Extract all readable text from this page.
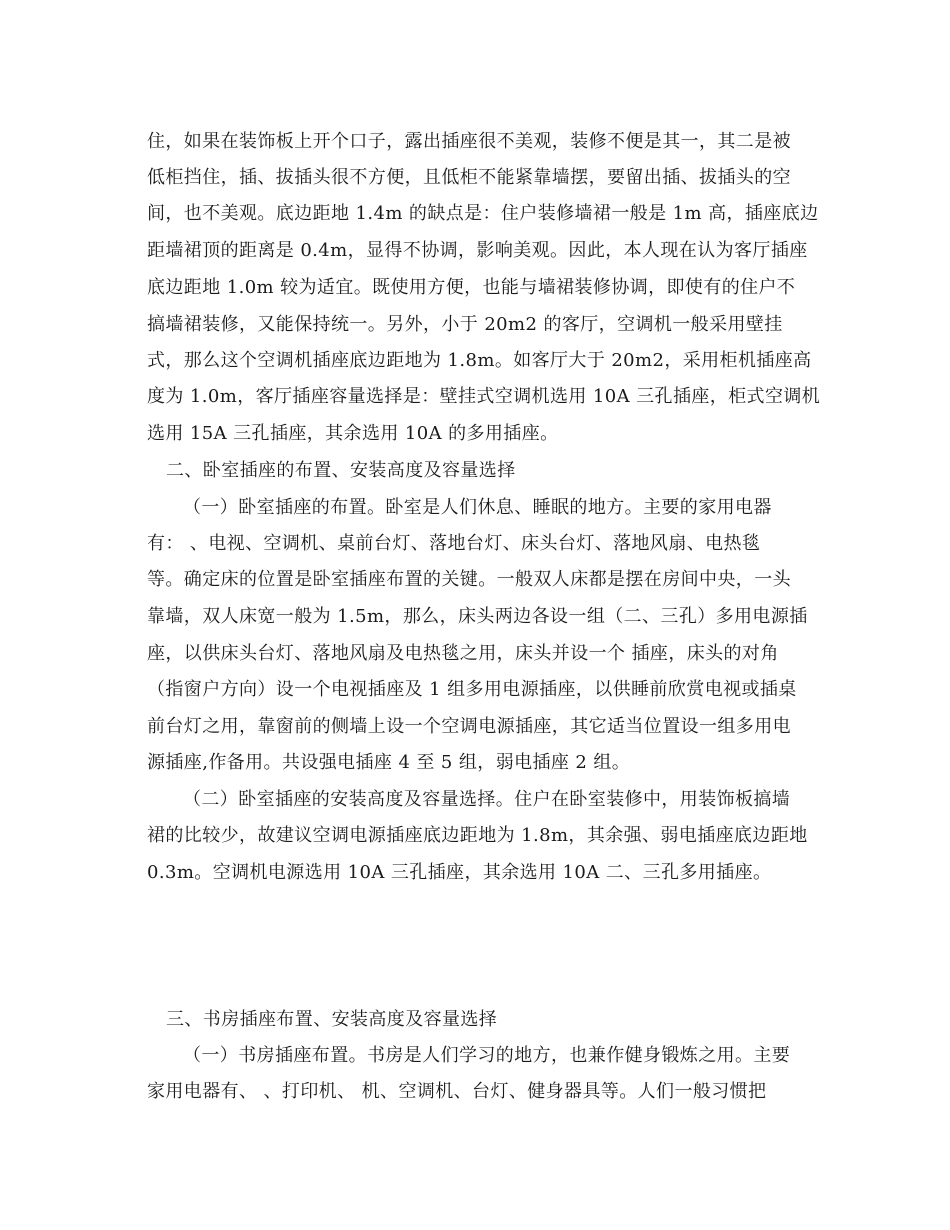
住，如果在装饰板上开个口子，露出插座很不美观，装修不便是其一，其二是被
低柜挡住，插、拔插头很不方便，且低柜不能紧靠墙摆，要留出插、拔插头的空
间，也不美观。底边距地 1.4m 的缺点是：住户装修墙裙一般是 1m 高，插座底边
距墙裙顶的距离是 0.4m，显得不协调，影响美观。因此，本人现在认为客厅插座
底边距地 1.0m 较为适宜。既使用方便，也能与墙裙装修协调，即使有的住户不
搞墙裙装修，又能保持统一。另外，小于 20m2 的客厅，空调机一般采用壁挂
式，那么这个空调机插座底边距地为 1.8m。如客厅大于 20m2，采用柜机插座高
度为 1.0m，客厅插座容量选择是：壁挂式空调机选用 10A 三孔插座，柜式空调机
选用 15A 三孔插座，其余选用 10A 的多用插座。
二、卧室插座的布置、安装高度及容量选择
（一）卧室插座的布置。卧室是人们休息、睡眠的地方。主要的家用电器
有： 、电视、空调机、桌前台灯、落地台灯、床头台灯、落地风扇、电热毯
等。确定床的位置是卧室插座布置的关键。一般双人床都是摆在房间中央，一头
靠墙，双人床宽一般为 1.5m，那么，床头两边各设一组（二、三孔）多用电源插
座，以供床头台灯、落地风扇及电热毯之用，床头并设一个 插座，床头的对角
（指窗户方向）设一个电视插座及 1 组多用电源插座，以供睡前欣赏电视或插桌
前台灯之用，靠窗前的侧墙上设一个空调电源插座，其它适当位置设一组多用电
源插座,作备用。共设强电插座 4 至 5 组，弱电插座 2 组。
（二）卧室插座的安装高度及容量选择。住户在卧室装修中，用装饰板搞墙
裙的比较少，故建议空调电源插座底边距地为 1.8m，其余强、弱电插座底边距地
0.3m。空调机电源选用 10A 三孔插座，其余选用 10A 二、三孔多用插座。
三、书房插座布置、安装高度及容量选择
（一）书房插座布置。书房是人们学习的地方，也兼作健身锻炼之用。主要
家用电器有、 、打印机、 机、空调机、台灯、健身器具等。人们一般习惯把
